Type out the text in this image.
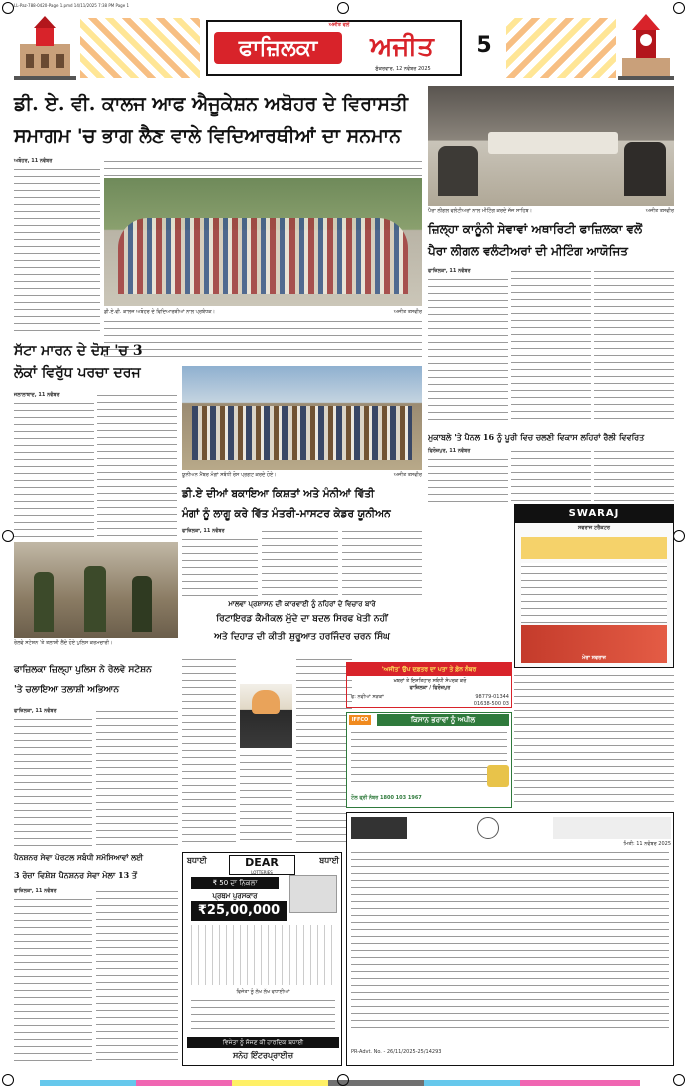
LL-Paz-788-0420-Page 1.pmd 14/11/2025 7:38 PM Page 1
ਅਜੀਤ ਵਲੋਂ
ਫਾਜ਼ਿਲਕਾ	ਅਜੀਤ
ਸ਼ੁੱਕਰਵਾਰ, 12 ਨਵੰਬਰ 2025
5
ਡੀ. ਏ. ਵੀ. ਕਾਲਜ ਆਫ ਐਜੂਕੇਸ਼ਨ ਅਬੋਹਰ ਦੇ ਵਿਰਾਸਤੀ
ਸਮਾਗਮ 'ਚ ਭਾਗ ਲੈਣ ਵਾਲੇ ਵਿਦਿਆਰਥੀਆਂ ਦਾ ਸਨਮਾਨ
ਪੈਰਾ ਲੀਗਲ ਵਲੰਟੀਅਰਾਂ ਨਾਲ ਮੀਟਿੰਗ ਕਰਦੇ ਜੱਜ ਸਾਹਿਬ।	ਅਜੀਤ ਤਸਵੀਰ
ਅਬੋਹਰ, 11 ਨਵੰਬਰ
ਡੀ.ਏ.ਵੀ. ਕਾਲਜ ਅਬੋਹਰ ਦੇ ਵਿਦਿਆਰਥੀਆਂ ਨਾਲ ਪ੍ਰਬੰਧਕ।	ਅਜੀਤ ਤਸਵੀਰ
ਜ਼ਿਲ੍ਹਾ ਕਾਨੂੰਨੀ ਸੇਵਾਵਾਂ ਅਥਾਰਿਟੀ ਫਾਜ਼ਿਲਕਾ ਵਲੋਂ
ਪੈਰਾ ਲੀਗਲ ਵਲੰਟੀਅਰਾਂ ਦੀ ਮੀਟਿੰਗ ਆਯੋਜਿਤ
ਫਾਜ਼ਿਲਕਾ, 11 ਨਵੰਬਰ
ਸੱਟਾ ਮਾਰਨ ਦੇ ਦੋਸ਼ 'ਚ 3
ਲੋਕਾਂ ਵਿਰੁੱਧ ਪਰਚਾ ਦਰਜ
ਜਲਾਲਾਬਾਦ, 11 ਨਵੰਬਰ
ਯੂਨੀਅਨ ਮੈਂਬਰ ਮੰਗਾਂ ਸਬੰਧੀ ਰੋਸ ਪ੍ਰਗਟ ਕਰਦੇ ਹੋਏ।	ਅਜੀਤ ਤਸਵੀਰ
ਮੁਕਾਬਲੇ 'ਤੇ ਪੈਨਲ 16 ਨੂੰ ਪੂਰੀ ਵਿਚ ਚਲਣੀ ਵਿਕਾਸ ਲਹਿਰਾਂ ਰੈਲੀ ਵਿਵਰਿਤ
ਫਿਰੋਜ਼ਪੁਰ, 11 ਨਵੰਬਰ
ਡੀ.ਏ ਦੀਆਂ ਬਕਾਇਆ ਕਿਸ਼ਤਾਂ ਅਤੇ ਮੰਨੀਆਂ ਵਿੱਤੀ
ਮੰਗਾਂ ਨੂੰ ਲਾਗੂ ਕਰੇ ਵਿੱਤ ਮੰਤਰੀ-ਮਾਸਟਰ ਕੇਡਰ ਯੂਨੀਅਨ
ਫਾਜ਼ਿਲਕਾ, 11 ਨਵੰਬਰ
ਮਾਲਵਾ ਪ੍ਰਸ਼ਾਸਨ ਦੀ ਕਾਰਵਾਈ ਨੂੰ ਨਹਿਰਾਂ ਦੇ ਵਿਚਾਰ ਬਾਰੇ
ਰਿਟਾਇਰਡ ਕੈਮੀਕਲ ਮੁੱਦੇ ਦਾ ਬਦਲ ਸਿਰਫ ਖੇਤੀ ਨਹੀਂ
ਅਤੇ ਦਿਹਾੜ ਦੀ ਕੀਤੀ ਸ਼ੁਰੂਆਤ ਹਰਜਿੰਦਰ ਚਰਨ ਸਿੰਘ
ਰੇਲਵੇ ਸਟੇਸ਼ਨ 'ਤੇ ਤਲਾਸ਼ੀ ਲੈਂਦੇ ਹੋਏ ਪੁਲਿਸ ਕਰਮਚਾਰੀ।
ਫਾਜ਼ਿਲਕਾ ਜ਼ਿਲ੍ਹਾ ਪੁਲਿਸ ਨੇ ਰੇਲਵੇ ਸਟੇਸ਼ਨ
'ਤੇ ਚਲਾਇਆ ਤਲਾਸ਼ੀ ਅਭਿਆਨ
ਫਾਜ਼ਿਲਕਾ, 11 ਨਵੰਬਰ
'ਅਜੀਤ' ਉਪ ਦਫ਼ਤਰ ਦਾ ਪਤਾ ਤੇ ਫ਼ੋਨ ਨੰਬਰ
ਖ਼ਬਰਾਂ ਤੇ ਇਸ਼ਤਿਹਾਰ ਸਬੰਧੀ ਸੰਪਰਕ ਕਰੋ
ਫਾਜ਼ਿਲਕਾ / ਫਿਰੋਜ਼ਪੁਰ
ਫ: ਨਵੀਆਂ ਸੜਕਾਂ	98779-01344
01638-500 03
SWARAJ
ਸਵਰਾਜ ਟਰੈਕਟਰ
ਮੇਰਾ ਸਵਰਾਜ
IFFCO	ਕਿਸਾਨ ਭਰਾਵਾਂ ਨੂੰ ਅਪੀਲ
ਟੋਲ ਫ੍ਰੀ ਨੰਬਰ 1800 103 1967
ਪੈਨਸ਼ਨਰ ਸੇਵਾ ਪੋਰਟਲ ਸਬੰਧੀ ਸਮੱਸਿਆਵਾਂ ਲਈ
3 ਰੋਜ਼ਾ ਵਿਸ਼ੇਸ਼ ਪੈਨਸ਼ਨਰ ਸੇਵਾ ਮੇਲਾ 13 ਤੋਂ
ਫਾਜ਼ਿਲਕਾ, 11 ਨਵੰਬਰ
ਬਧਾਈ	ਬਧਾਈ
DEAR
LOTTERIES
₹ 50 ਦਾ ਨਿਕਲਾ
ਪ੍ਰਥਮ ਪੁਰਸਕਾਰ
₹25,00,000
ਵਿਜੇਤਾ ਨੂੰ ਲੱਖ ਲੱਖ ਵਧਾਈਆਂ
ਵਿਜੇਤਾ ਨੂੰ ਸੱਜਣ ਕੀ ਹਾਰਦਿਕ ਬਧਾਈ
ਸਨੇਹ ਇੰਟਰਪ੍ਰਾਈਜ਼
ਮਿਤੀ: 11 ਨਵੰਬਰ 2025
PR-Advt. No. - 26/11/2025-25/14293
